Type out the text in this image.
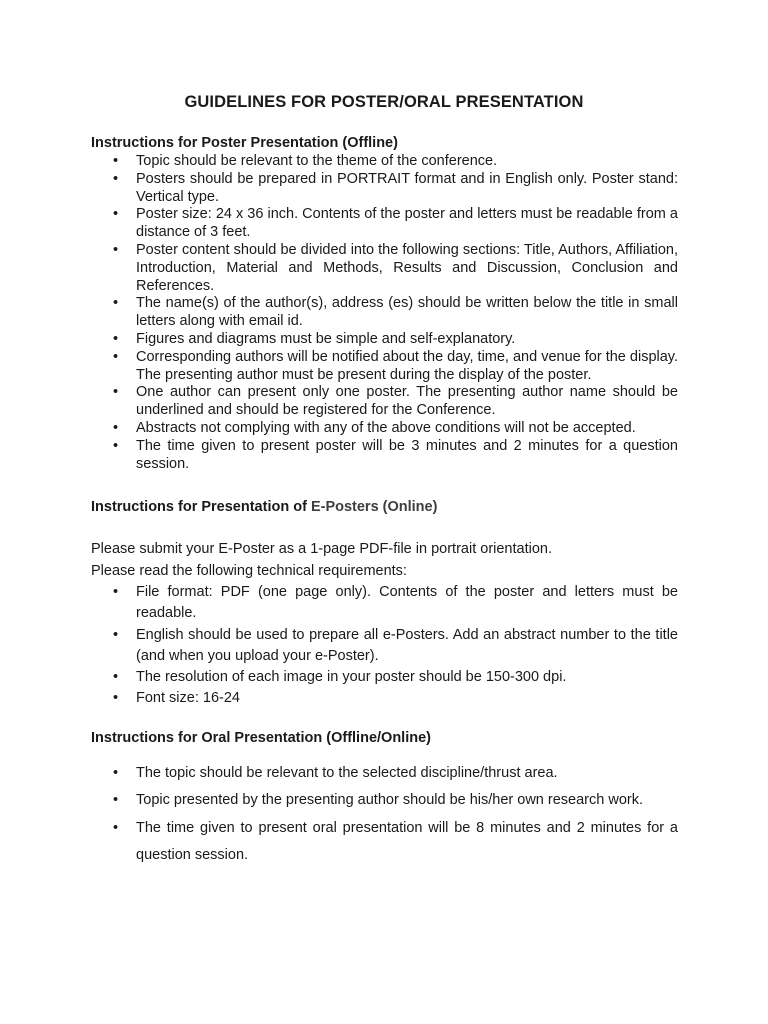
GUIDELINES FOR POSTER/ORAL PRESENTATION
Instructions for Poster Presentation (Offline)
• Topic should be relevant to the theme of the conference.
• Posters should be prepared in PORTRAIT format and in English only. Poster stand: Vertical type.
• Poster size: 24 x 36 inch. Contents of the poster and letters must be readable from a distance of 3 feet.
• Poster content should be divided into the following sections: Title, Authors, Affiliation, Introduction, Material and Methods, Results and Discussion, Conclusion and References.
• The name(s) of the author(s), address (es) should be written below the title in small letters along with email id.
• Figures and diagrams must be simple and self-explanatory.
• Corresponding authors will be notified about the day, time, and venue for the display. The presenting author must be present during the display of the poster.
• One author can present only one poster. The presenting author name should be underlined and should be registered for the Conference.
• Abstracts not complying with any of the above conditions will not be accepted.
• The time given to present poster will be 3 minutes and 2 minutes for a question session.
Instructions for Presentation of E-Posters (Online)

Please submit your E-Poster as a 1-page PDF-file in portrait orientation.

Please read the following technical requirements:

• File format: PDF (one page only). Contents of the poster and letters must be readable.
• English should be used to prepare all e-Posters. Add an abstract number to the title (and when you upload your e-Poster).
• The resolution of each image in your poster should be 150-300 dpi.
• Font size: 16-24
Instructions for Oral Presentation (Offline/Online)
• The topic should be relevant to the selected discipline/thrust area.
• Topic presented by the presenting author should be his/her own research work.
• The time given to present oral presentation will be 8 minutes and 2 minutes for a question session.
